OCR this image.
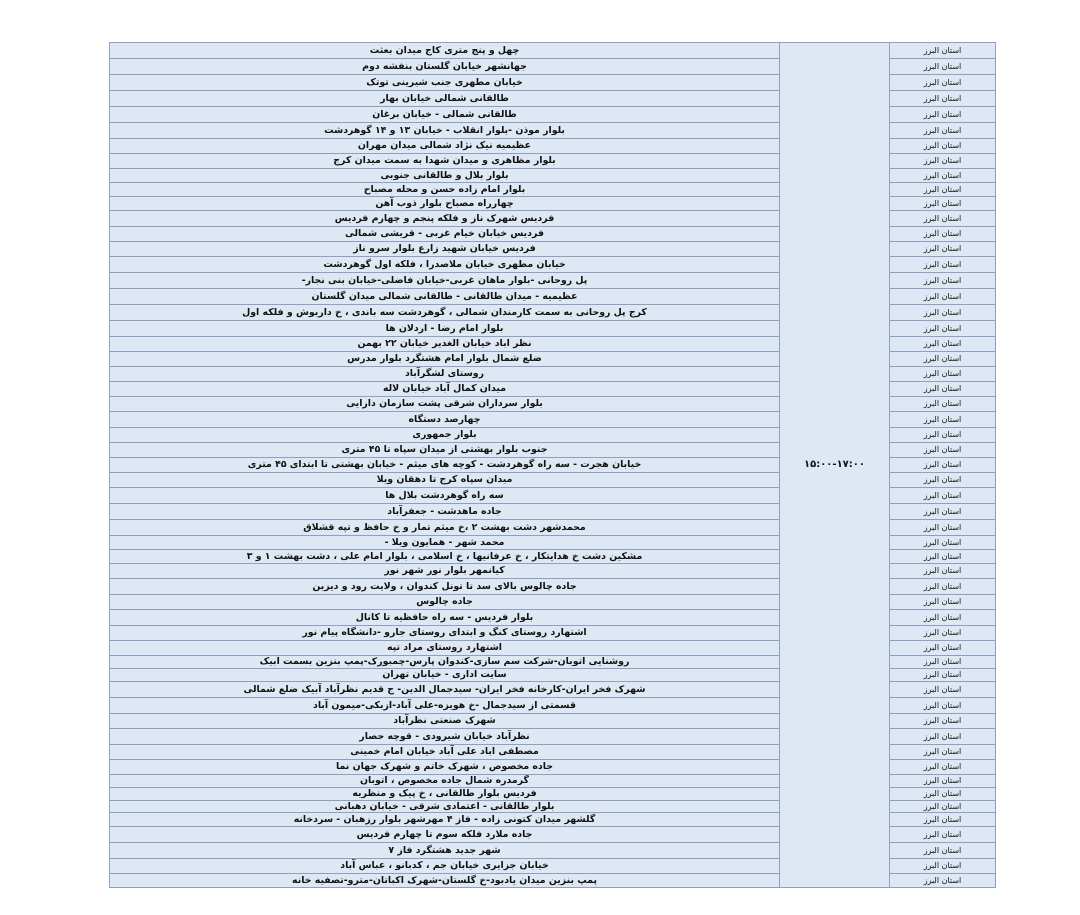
استان البرز	۱۵:۰۰-۱۷:۰۰	چهل و پنج متری کاج میدان بعثت
استان البرز		جهانشهر خیابان گلستان بنفشه دوم
استان البرز		خیابان مطهری جنب شیرینی توتک
استان البرز		طالقانی شمالی خیابان بهار
استان البرز		طالقانی شمالی - خیابان برغان
استان البرز		بلوار موذن -بلوار انقلاب - خیابان ۱۳ و ۱۴ گوهردشت
استان البرز		عظیمیه نیک نژاد شمالی میدان مهران
استان البرز		بلوار مظاهری و میدان شهدا به سمت میدان کرج
استان البرز		بلوار بلال و طالقانی جنوبی
استان البرز		بلوار امام زاده حسن و محله مصباح
استان البرز		چهارراه مصباح بلوار ذوب آهن
استان البرز		فردیس شهرک ناز و فلکه پنجم و چهارم فردیس
استان البرز		فردیس خیابان خیام غربی - قریشی شمالی
استان البرز		فردیس خیابان شهید زارع بلوار سرو ناز
استان البرز		خیابان مطهری خیابان ملاصدرا ، فلکه اول گوهردشت
استان البرز		پل روحانی -بلوار ماهان غربی-خیابان فاضلی-خیابان بنی نجار-
استان البرز		عظیمیه - میدان طالقانی - طالقانی شمالی میدان گلستان
استان البرز		کرج پل روحانی به سمت کارمندان شمالی ، گوهردشت سه باندی ، خ داریوش و فلکه اول
استان البرز		بلوار امام رضا - اردلان ها
استان البرز		نظر اباد خیابان الغدیر خیابان ۲۲ بهمن
استان البرز		ضلع شمال بلوار امام هشتگرد بلوار مدرس
استان البرز		روستای لشگرآباد
استان البرز		میدان کمال آباد خیابان لاله
استان البرز		بلوار سرداران شرقی پشت سازمان دارایی
استان البرز		چهارصد دستگاه
استان البرز		بلوار جمهوری
استان البرز		جنوب بلوار بهشتی از میدان سپاه تا ۴۵ متری
استان البرز		خیابان هجرت - سه راه گوهردشت - کوچه های میثم - خیابان بهشتی تا ابتدای ۴۵ متری
استان البرز		میدان سپاه کرج تا دهقان ویلا
استان البرز		سه راه گوهردشت بلال ها
استان البرز		جاده ماهدشت - جعفرآباد
استان البرز		محمدشهر دشت بهشت ۲ ،خ میثم تمار و خ حافظ و تپه قشلاق
استان البرز		محمد شهر - همایون ویلا -
استان البرز		مشکین دشت خ هدایتکار ، خ عرفانیها ، خ اسلامی ، بلوار امام علی ، دشت بهشت ۱ و ۳
استان البرز		کیانمهر بلوار نور شهر نور
استان البرز		جاده چالوس بالای سد تا تونل کندوان ، ولایت رود و دیزین
استان البرز		جاده چالوس
استان البرز		بلوار فردیس - سه راه حافظیه تا کانال
استان البرز		اشتهارد روستای کنگ و ابتدای روستای جارو -دانشگاه پیام نور
استان البرز		اشتهارد روستای مراد تپه
استان البرز		روشنایی اتوبان-شرکت سم سازی-کندوان پارس-چمبورک-پمپ بنزین بسمت آبیک
استان البرز		سایت اداری - خیابان تهران
استان البرز		شهرک فخر ایران-کارخانه فخر ایران- سیدجمال الدین- ج قدیم نظرآباد آبیک ضلع شمالی
استان البرز		قسمتی از سیدجمال -خ هویزه-علی آباد-ازبکی-میمون آباد
استان البرز		شهرک صنعتی نظرآباد
استان البرز		نظرآباد خیابان شیرودی - قوچه حصار
استان البرز		مصطفی اباد علی آباد خیابان امام خمینی
استان البرز		جاده مخصوص ، شهرک خاتم و شهرک جهان نما
استان البرز		گرمدره شمال جاده مخصوص ، اتوبان
استان البرز		فردیس بلوار طالقانی ، خ پیک و منظریه
استان البرز		بلوار طالقانی - اعتمادی شرقی - خیابان دهبانی
استان البرز		گلشهر میدان کتونی زاده - فاز ۴ مهرشهر بلوار رزهبان - سردخانه
استان البرز		جاده ملارد فلکه سوم تا چهارم فردیس
استان البرز		شهر جدید هشتگرد فاز ۷
استان البرز		خیابان جزایری خیابان جم ، کدبانو ، عباس آباد
استان البرز		پمپ بنزین میدان یادبود-خ گلستان-شهرک اکباتان-مترو-تصفیه خانه
